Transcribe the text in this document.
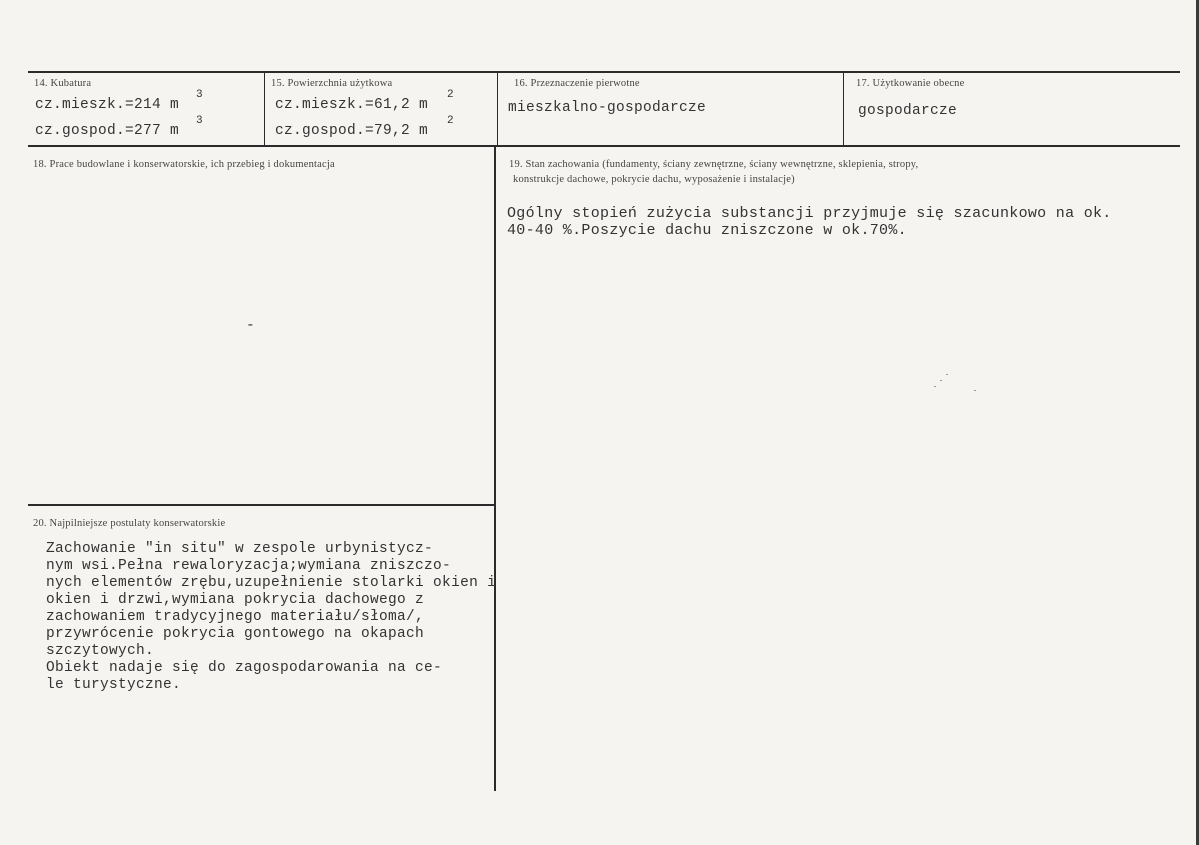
14. Kubatura
cz.mieszk.=214 m
3
cz.gospod.=277 m
3
15. Powierzchnia użytkowa
cz.mieszk.=61,2 m
2
cz.gospod.=79,2 m
2
16. Przeznaczenie pierwotne
mieszkalno-gospodarcze
17. Użytkowanie obecne
gospodarcze
18. Prace budowlane i konserwatorskie, ich przebieg i dokumentacja
-
19. Stan zachowania (fundamenty, ściany zewnętrzne, ściany wewnętrzne, sklepienia, stropy,
konstrukcje dachowe, pokrycie dachu, wyposażenie i instalacje)
Ogólny stopień zużycia substancji przyjmuje się szacunkowo na ok.
40-40 %.Poszycie dachu zniszczone w ok.70%.
20. Najpilniejsze postulaty konserwatorskie
Zachowanie "in situ" w zespole urbynistycz-
nym wsi.Pełna rewaloryzacja;wymiana zniszczo-
nych elementów zrębu,uzupełnienie stolarki okien i
okien i drzwi,wymiana pokrycia dachowego z
zachowaniem tradycyjnego materiału/słoma/,
przywrócenie pokrycia gontowego na okapach
szczytowych.
Obiekt nadaje się do zagospodarowania na ce-
le turystyczne.
